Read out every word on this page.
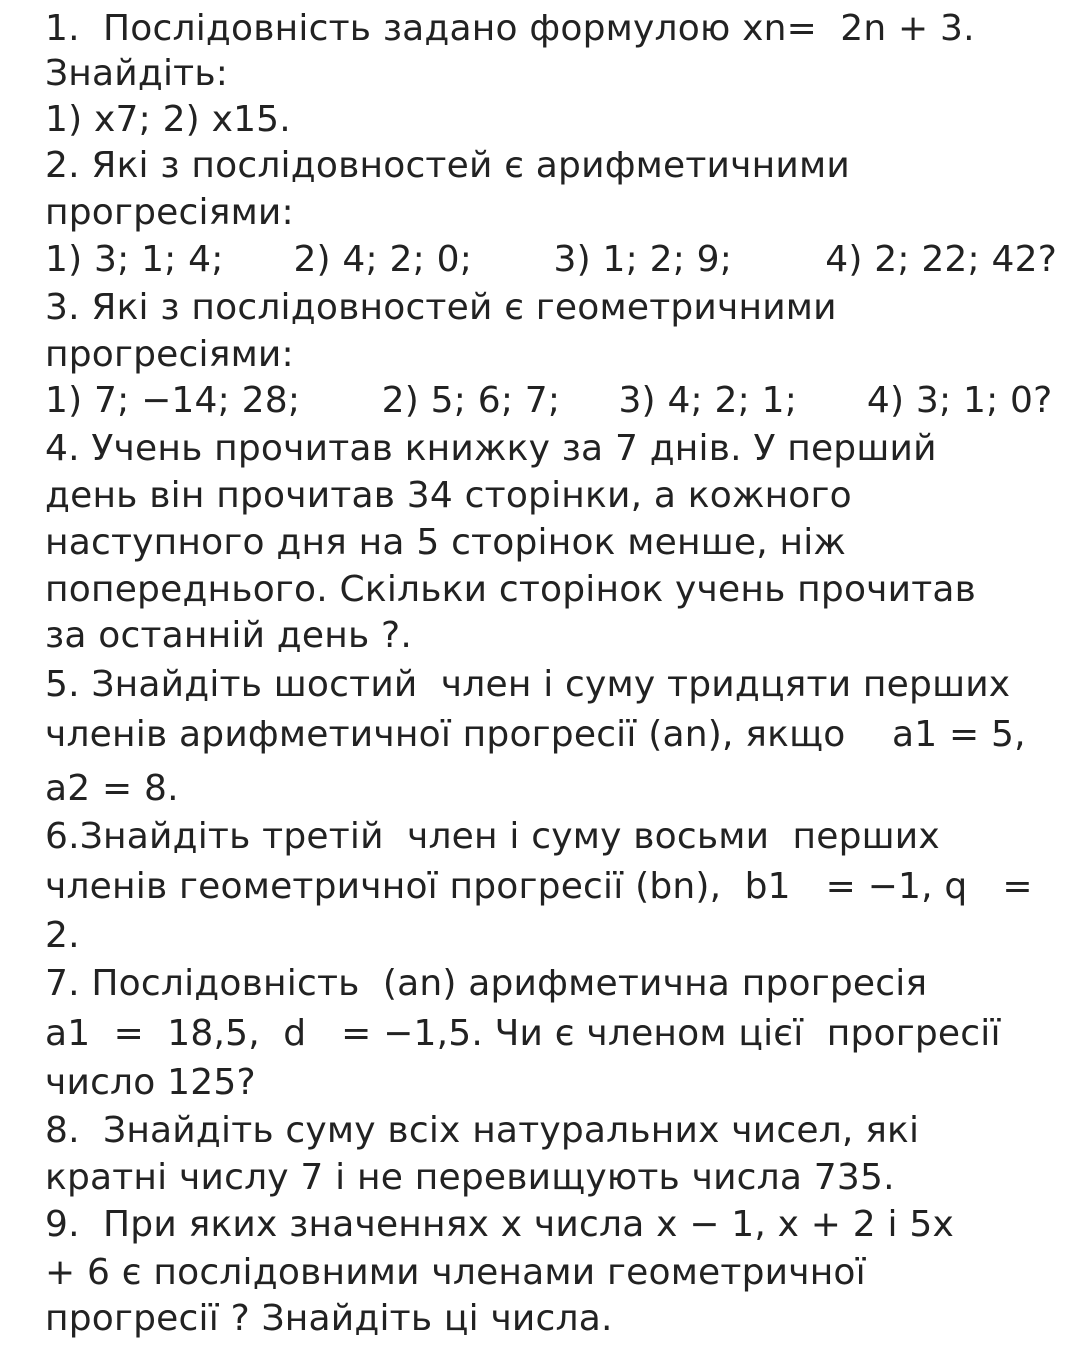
1.  Послідовність задано формулою xn=  2n + 3.

Знайдіть:

1) x7; 2) x15.

2. Які з послідовностей є арифметичними

прогресіями:

1) 3; 1; 4;      2) 4; 2; 0;       3) 1; 2; 9;        4) 2; 22; 42?

3. Які з послідовностей є геометричними

прогресіями:

1) 7; −14; 28;       2) 5; 6; 7;     3) 4; 2; 1;      4) 3; 1; 0?

4. Учень прочитав книжку за 7 днів. У перший

день він прочитав 34 сторінки, а кожного

наступного дня на 5 сторінок менше, ніж

попереднього. Скільки сторінок учень прочитав

за останній день ?.

5. Знайдіть шостий  член і суму тридцяти перших

членів арифметичної прогресії (an), якщо    a1 = 5,

a2 = 8.

6.Знайдіть третій  член і суму восьми  перших

членів геометричної прогресії (bn),  b1   = −1, q   =

2.

7. Послідовність  (an) арифметична прогресія

a1  =  18,5,  d   = −1,5. Чи є членом цієї  прогресії

число 125?

8.  Знайдіть суму всіх натуральних чисел, які

кратні числу 7 і не перевищують числа 735.

9.  При яких значеннях x числа x − 1, x + 2 і 5x

+ 6 є послідовними членами геометричної

прогресії ? Знайдіть ці числа.
